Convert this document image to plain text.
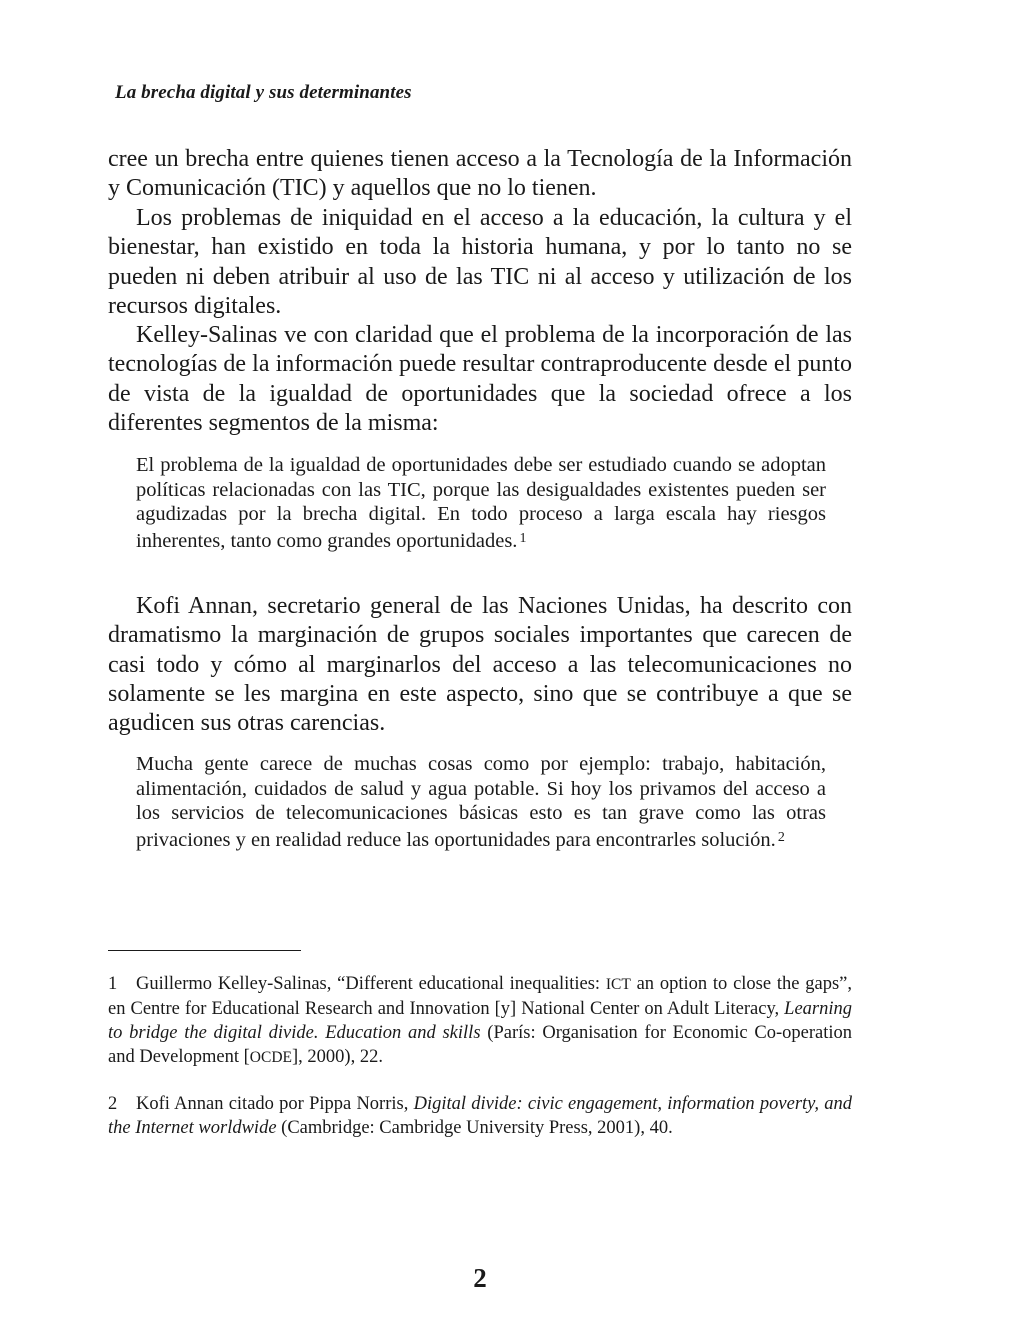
La brecha digital y sus determinantes

cree un brecha entre quienes tienen acceso a la Tecnología de la Información y Comunicación (TIC) y aquellos que no lo tienen.

Los problemas de iniquidad en el acceso a la educación, la cultura y el bienestar, han existido en toda la historia humana, y por lo tanto no se pueden ni deben atribuir al uso de las TIC ni al acceso y utilización de los recursos digitales.

Kelley-Salinas ve con claridad que el problema de la incorporación de las tecnologías de la información puede resultar contraproducente desde el punto de vista de la igualdad de oportunidades que la sociedad ofrece a los diferentes segmentos de la misma:

El problema de la igualdad de oportunidades debe ser estudiado cuando se adoptan políticas relacionadas con las TIC, porque las desigualdades existentes pueden ser agudizadas por la brecha digital. En todo proceso a larga escala hay riesgos inherentes, tanto como grandes oportunidades. $^1$

Kofi Annan, secretario general de las Naciones Unidas, ha descrito con dramatismo la marginación de grupos sociales importantes que carecen de casi todo y cómo al marginarlos del acceso a las telecomunicaciones no solamente se les margina en este aspecto, sino que se contribuye a que se agudicen sus otras carencias.

Mucha gente carece de muchas cosas como por ejemplo: trabajo, habitación, alimentación, cuidados de salud y agua potable. Si hoy los privamos del acceso a los servicios de telecomunicaciones básicas esto es tan grave como las otras privaciones y en realidad reduce las oportunidades para encontrarles solución. $^2$

1 Guillermo Kelley-Salinas, “Different educational inequalities: ICT an option to close the gaps”, en Centre for Educational Research and Innovation [y] National Center on Adult Literacy, Learning to bridge the digital divide. Education and skills (París: Organisation for Economic Co-operation and Development [OCDE], 2000), 22.

2 Kofi Annan citado por Pippa Norris, Digital divide: civic engagement, information poverty, and the Internet worldwide (Cambridge: Cambridge University Press, 2001), 40.

2
